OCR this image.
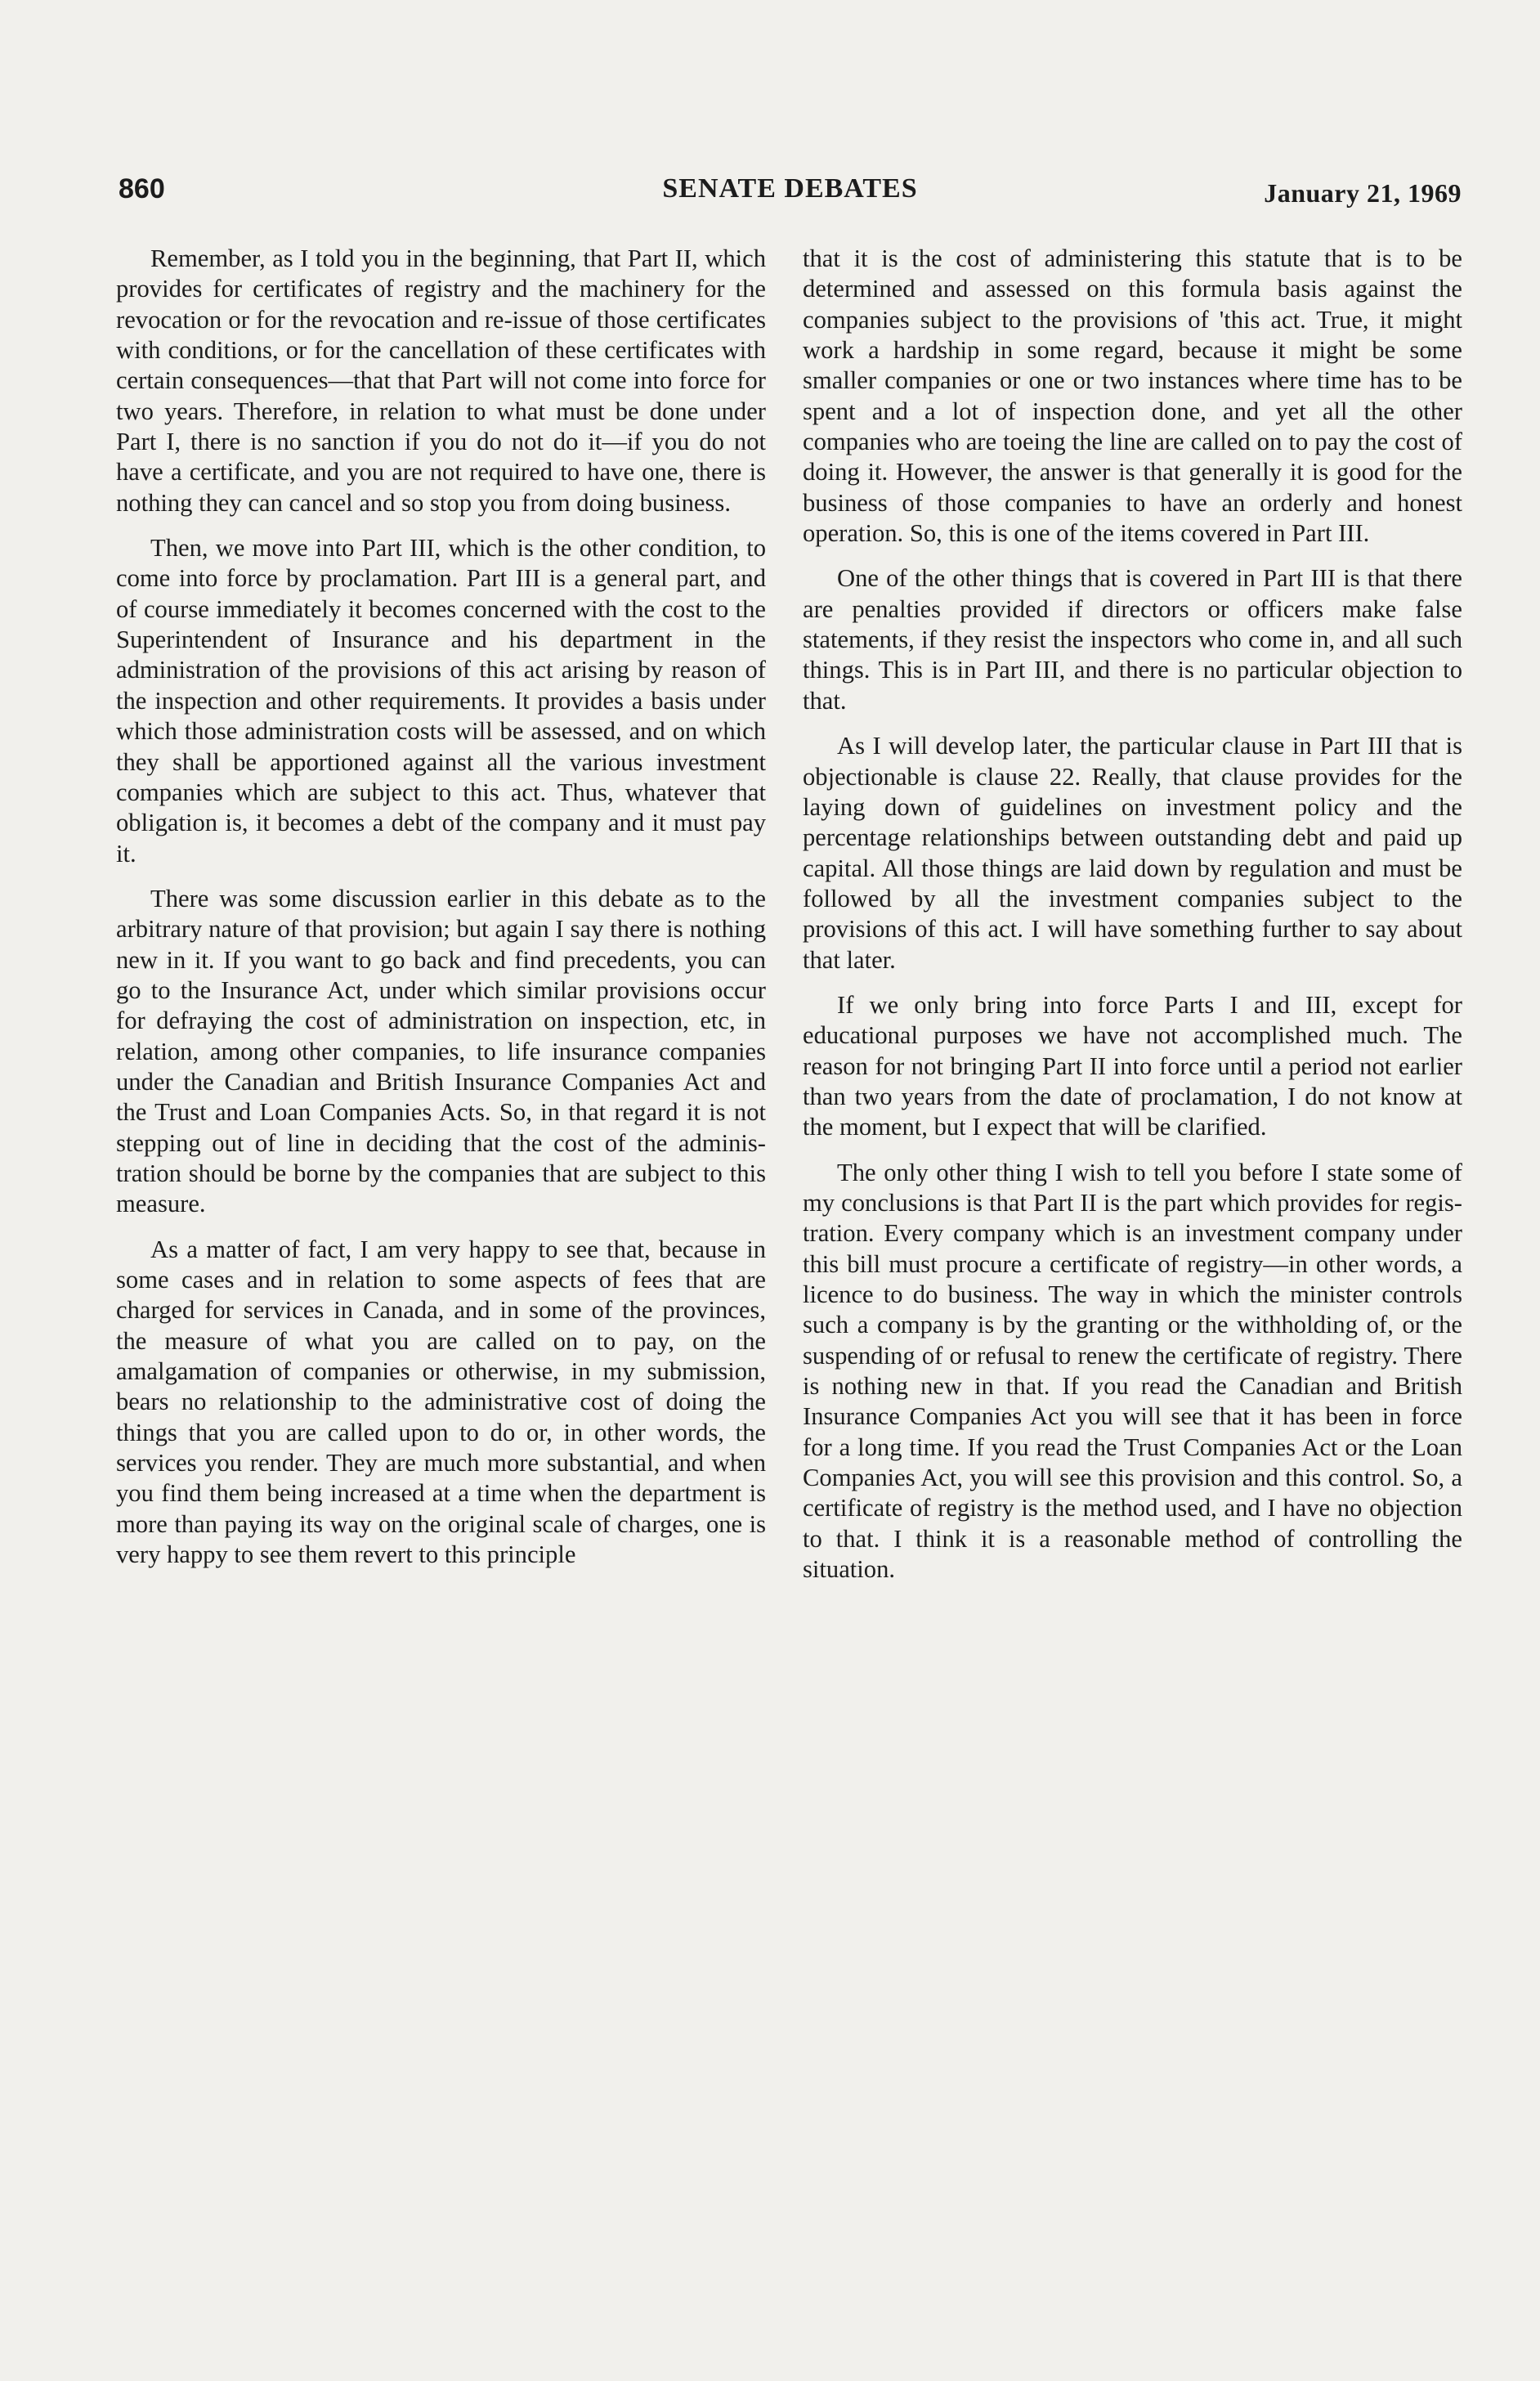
860	SENATE DEBATES	January 21, 1969

Remember, as I told you in the beginning, that Part II, which provides for certificates of registry and the machinery for the revocation or for the revocation and re-issue of those certificates with conditions, or for the cancellation of these certificates with certain consequences—that that Part will not come into force for two years. Therefore, in relation to what must be done under Part I, there is no sanction if you do not do it—if you do not have a certificate, and you are not required to have one, there is nothing they can cancel and so stop you from doing business.

Then, we move into Part III, which is the other condition, to come into force by proclamation. Part III is a general part, and of course immediately it becomes concerned with the cost to the Superintendent of Insurance and his department in the administration of the provisions of this act arising by reason of the inspection and other requirements. It provides a basis under which those administration costs will be assessed, and on which they shall be apportioned against all the various investment companies which are subject to this act. Thus, whatever that obligation is, it becomes a debt of the company and it must pay it.

There was some discussion earlier in this debate as to the arbitrary nature of that provision; but again I say there is nothing new in it. If you want to go back and find precedents, you can go to the Insurance Act, under which similar provisions occur for defraying the cost of administration on inspection, etc, in relation, among other companies, to life insurance companies under the Canadian and British Insurance Companies Act and the Trust and Loan Companies Acts. So, in that regard it is not stepping out of line in deciding that the cost of the administration should be borne by the companies that are subject to this measure.

As a matter of fact, I am very happy to see that, because in some cases and in relation to some aspects of fees that are charged for services in Canada, and in some of the provinces, the measure of what you are called on to pay, on the amalgamation of companies or otherwise, in my submission, bears no relationship to the administrative cost of doing the things that you are called upon to do or, in other words, the services you render. They are much more substantial, and when you find them being increased at a time when the department is more than paying its way on the original scale of charges, one is very happy to see them revert to this principle

that it is the cost of administering this statute that is to be determined and assessed on this formula basis against the companies subject to the provisions of 'this act. True, it might work a hardship in some regard, because it might be some smaller companies or one or two instances where time has to be spent and a lot of inspection done, and yet all the other companies who are toeing the line are called on to pay the cost of doing it. However, the answer is that generally it is good for the business of those companies to have an orderly and honest operation. So, this is one of the items covered in Part III.

One of the other things that is covered in Part III is that there are penalties provided if directors or officers make false statements, if they resist the inspectors who come in, and all such things. This is in Part III, and there is no particular objection to that.

As I will develop later, the particular clause in Part III that is objectionable is clause 22. Really, that clause provides for the laying down of guidelines on investment policy and the percentage relationships between outstanding debt and paid up capital. All those things are laid down by regulation and must be followed by all the investment companies subject to the provisions of this act. I will have something further to say about that later.

If we only bring into force Parts I and III, except for educational purposes we have not accomplished much. The reason for not bringing Part II into force until a period not earlier than two years from the date of proclamation, I do not know at the moment, but I expect that will be clarified.

The only other thing I wish to tell you before I state some of my conclusions is that Part II is the part which provides for registration. Every company which is an investment company under this bill must procure a certificate of registry—in other words, a licence to do business. The way in which the minister controls such a company is by the granting or the withholding of, or the suspending of or refusal to renew the certificate of registry. There is nothing new in that. If you read the Canadian and British Insurance Companies Act you will see that it has been in force for a long time. If you read the Trust Companies Act or the Loan Companies Act, you will see this provision and this control. So, a certificate of registry is the method used, and I have no objection to that. I think it is a reasonable method of controlling the situation.
